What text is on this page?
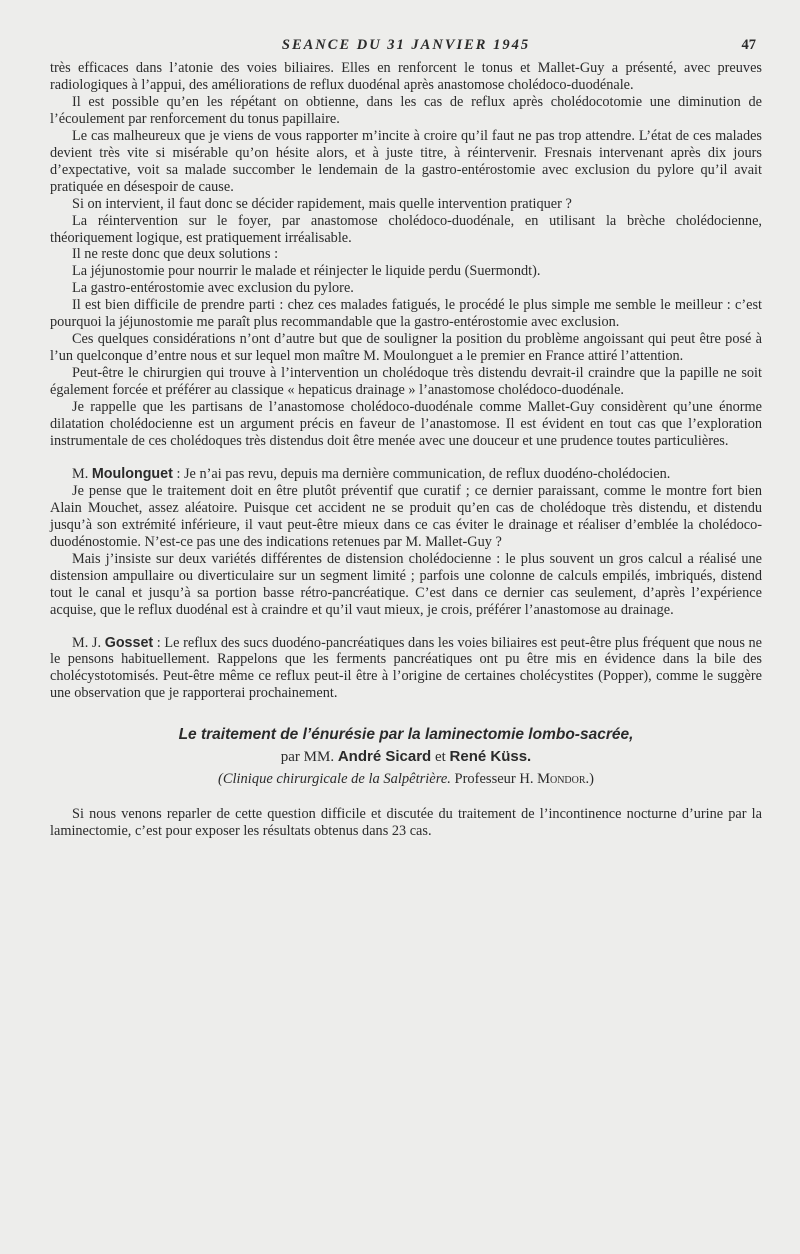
SEANCE DU 31 JANVIER 1945	47

très efficaces dans l’atonie des voies biliaires. Elles en renforcent le tonus et Mallet-Guy a présenté, avec preuves radiologiques à l’appui, des améliorations de reflux duodénal après anastomose cholédoco-duodénale.

Il est possible qu’en les répétant on obtienne, dans les cas de reflux après cholédocotomie une diminution de l’écoulement par renforcement du tonus papillaire.

Le cas malheureux que je viens de vous rapporter m’incite à croire qu’il faut ne pas trop attendre. L’état de ces malades devient très vite si misérable qu’on hésite alors, et à juste titre, à réintervenir. Fresnais intervenant après dix jours d’expectative, voit sa malade succomber le lendemain de la gastro-entérostomie avec exclusion du pylore qu’il avait pratiquée en désespoir de cause.

Si on intervient, il faut donc se décider rapidement, mais quelle intervention pratiquer ?

La réintervention sur le foyer, par anastomose cholédoco-duodénale, en utilisant la brèche cholédocienne, théoriquement logique, est pratiquement irréalisable.

Il ne reste donc que deux solutions :

La jéjunostomie pour nourrir le malade et réinjecter le liquide perdu (Suermondt).

La gastro-entérostomie avec exclusion du pylore.

Il est bien difficile de prendre parti : chez ces malades fatigués, le procédé le plus simple me semble le meilleur : c’est pourquoi la jéjunostomie me paraît plus recommandable que la gastro-entérostomie avec exclusion.

Ces quelques considérations n’ont d’autre but que de souligner la position du problème angoissant qui peut être posé à l’un quelconque d’entre nous et sur lequel mon maître M. Moulonguet a le premier en France attiré l’attention.

Peut-être le chirurgien qui trouve à l’intervention un cholédoque très distendu devrait-il craindre que la papille ne soit également forcée et préférer au classique « hepaticus drainage » l’anastomose cholédoco-duodénale.

Je rappelle que les partisans de l’anastomose cholédoco-duodénale comme Mallet-Guy considèrent qu’une énorme dilatation cholédocienne est un argument précis en faveur de l’anastomose. Il est évident en tout cas que l’exploration instrumentale de ces cholédoques très distendus doit être menée avec une douceur et une prudence toutes particulières.

M. Moulonguet : Je n’ai pas revu, depuis ma dernière communication, de reflux duodéno-cholédocien.

Je pense que le traitement doit en être plutôt préventif que curatif ; ce dernier paraissant, comme le montre fort bien Alain Mouchet, assez aléatoire. Puisque cet accident ne se produit qu’en cas de cholédoque très distendu, et distendu jusqu’à son extrémité inférieure, il vaut peut-être mieux dans ce cas éviter le drainage et réaliser d’emblée la cholédoco-duodénostomie. N’est-ce pas une des indications retenues par M. Mallet-Guy ?

Mais j’insiste sur deux variétés différentes de distension cholédocienne : le plus souvent un gros calcul a réalisé une distension ampullaire ou diverticulaire sur un segment limité ; parfois une colonne de calculs empilés, imbriqués, distend tout le canal et jusqu’à sa portion basse rétro-pancréatique. C’est dans ce dernier cas seulement, d’après l’expérience acquise, que le reflux duodénal est à craindre et qu’il vaut mieux, je crois, préférer l’anastomose au drainage.

M. J. Gosset : Le reflux des sucs duodéno-pancréatiques dans les voies biliaires est peut-être plus fréquent que nous ne le pensons habituellement. Rappelons que les ferments pancréatiques ont pu être mis en évidence dans la bile des cholécystotomisés. Peut-être même ce reflux peut-il être à l’origine de certaines cholécystites (Popper), comme le suggère une observation que je rapporterai prochainement.

Le traitement de l’énurésie par la laminectomie lombo-sacrée,
par MM. André Sicard et René Küss.
(Clinique chirurgicale de la Salpêtrière. Professeur H. Mondor.)

Si nous venons reparler de cette question difficile et discutée du traitement de l’incontinence nocturne d’urine par la laminectomie, c’est pour exposer les résultats obtenus dans 23 cas.
